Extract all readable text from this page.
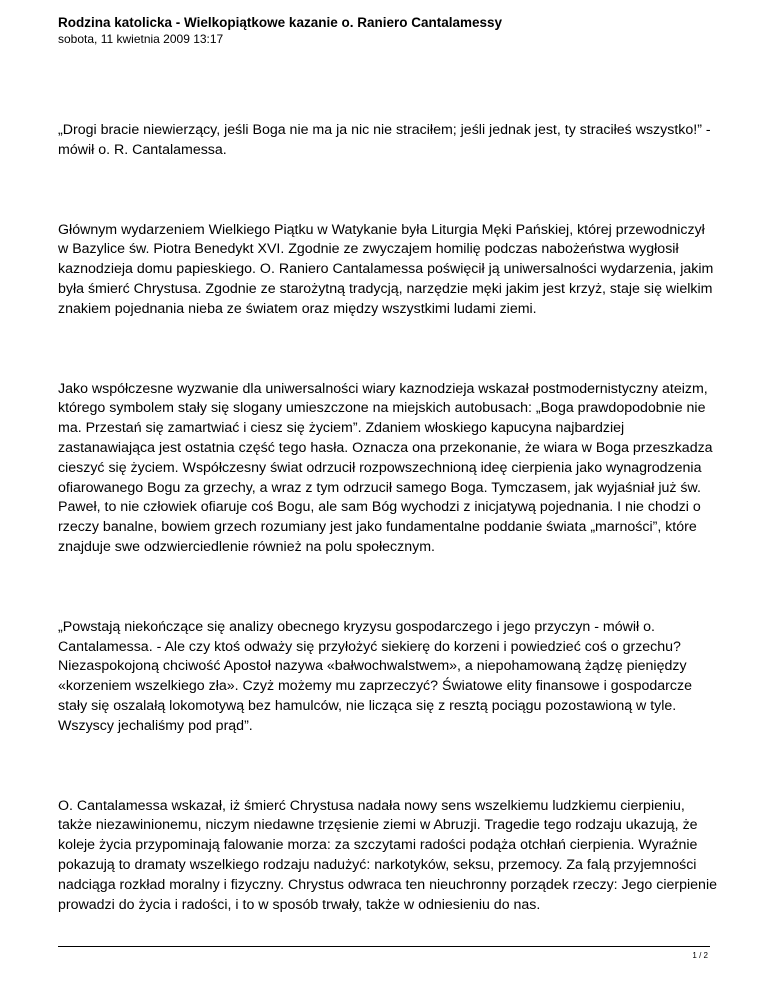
Rodzina katolicka - Wielkopiątkowe kazanie o. Raniero Cantalamessy

sobota, 11 kwietnia 2009 13:17

„Drogi bracie niewierzący, jeśli Boga nie ma ja nic nie straciłem; jeśli jednak jest, ty straciłeś wszystko!” - mówił o. R. Cantalamessa.

Głównym wydarzeniem Wielkiego Piątku w Watykanie była Liturgia Męki Pańskiej, której przewodniczył w Bazylice św. Piotra Benedykt XVI. Zgodnie ze zwyczajem homilię podczas nabożeństwa wygłosił kaznodzieja domu papieskiego. O. Raniero Cantalamessa poświęcił ją uniwersalności wydarzenia, jakim była śmierć Chrystusa. Zgodnie ze starożytną tradycją, narzędzie męki jakim jest krzyż, staje się wielkim znakiem pojednania nieba ze światem oraz między wszystkimi ludami ziemi.

Jako współczesne wyzwanie dla uniwersalności wiary kaznodzieja wskazał postmodernistyczny ateizm, którego symbolem stały się slogany umieszczone na miejskich autobusach: „Boga prawdopodobnie nie ma. Przestań się zamartwiać i ciesz się życiem”. Zdaniem włoskiego kapucyna najbardziej zastanawiająca jest ostatnia część tego hasła. Oznacza ona przekonanie, że wiara w Boga przeszkadza cieszyć się życiem. Współczesny świat odrzucił rozpowszechnioną ideę cierpienia jako wynagrodzenia ofiarowanego Bogu za grzechy, a wraz z tym odrzucił samego Boga. Tymczasem, jak wyjaśniał już św. Paweł, to nie człowiek ofiaruje coś Bogu, ale sam Bóg wychodzi z inicjatywą pojednania. I nie chodzi o rzeczy banalne, bowiem grzech rozumiany jest jako fundamentalne poddanie świata „marności”, które znajduje swe odzwierciedlenie również na polu społecznym.

„Powstają niekończące się analizy obecnego kryzysu gospodarczego i jego przyczyn - mówił o. Cantalamessa. - Ale czy ktoś odważy się przyłożyć siekierę do korzeni i powiedzieć coś o grzechu? Niezaspokojoną chciwość Apostoł nazywa «bałwochwalstwem», a niepohamowaną żądzę pieniędzy «korzeniem wszelkiego zła». Czyż możemy mu zaprzeczyć? Światowe elity finansowe i gospodarcze stały się oszalałą lokomotywą bez hamulców, nie licząca się z resztą pociągu pozostawioną w tyle. Wszyscy jechaliśmy pod prąd”.

O. Cantalamessa wskazał, iż śmierć Chrystusa nadała nowy sens wszelkiemu ludzkiemu cierpieniu, także niezawinionemu, niczym niedawne trzęsienie ziemi w Abruzji. Tragedie tego rodzaju ukazują, że koleje życia przypominają falowanie morza: za szczytami radości podąża otchłań cierpienia. Wyraźnie pokazują to dramaty wszelkiego rodzaju nadużyć: narkotyków, seksu, przemocy. Za falą przyjemności nadciąga rozkład moralny i fizyczny. Chrystus odwraca ten nieuchronny porządek rzeczy: Jego cierpienie prowadzi do życia i radości, i to w sposób trwały, także w odniesieniu do nas.

1 / 2
